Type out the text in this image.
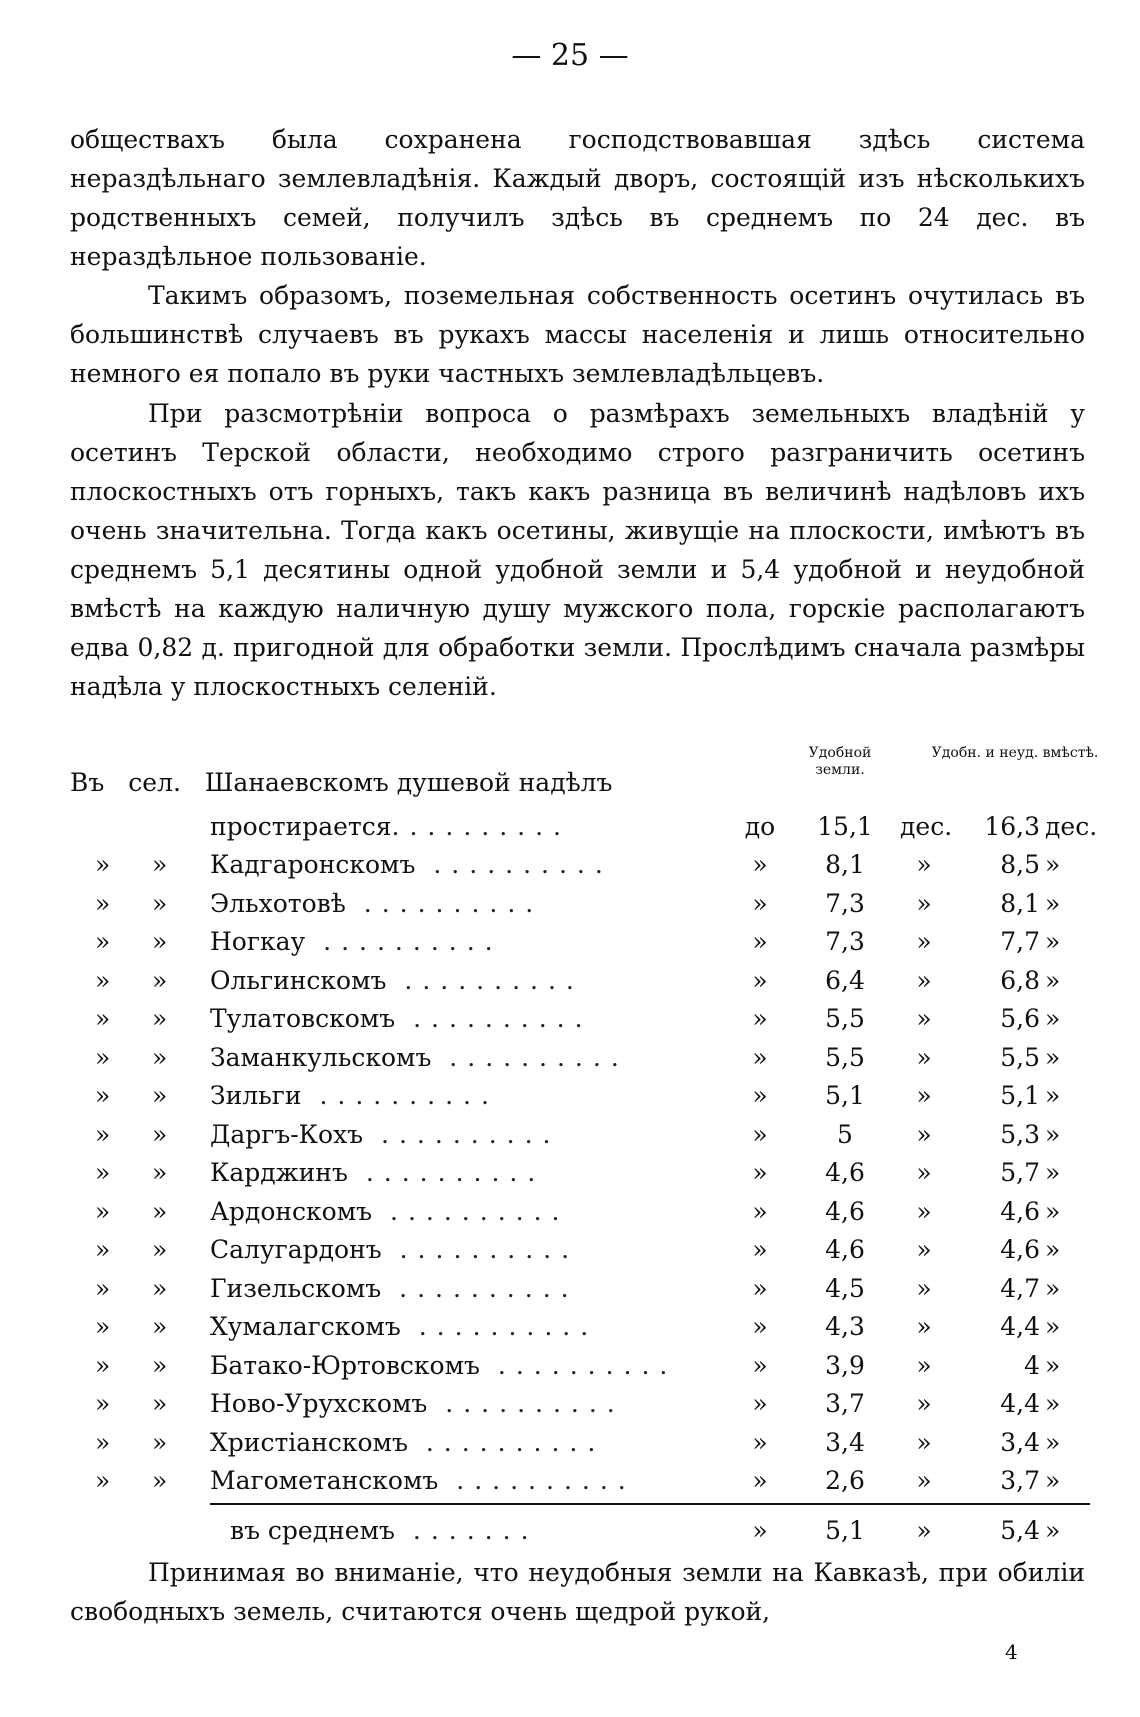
— 25 —

обществахъ была сохранена господствовавшая здѣсь система нераздѣльнаго землевладѣнія. Каждый дворъ, состоящій изъ нѣсколькихъ родственныхъ семей, получилъ здѣсь въ среднемъ по 24 дес. въ нераздѣльное пользованіе.

Такимъ образомъ, поземельная собственность осетинъ очутилась въ большинствѣ случаевъ въ рукахъ массы населенія и лишь относительно немного ея попало въ руки частныхъ землевладѣльцевъ.

При разсмотрѣніи вопроса о размѣрахъ земельныхъ владѣній у осетинъ Терской области, необходимо строго разграничить осетинъ плоскостныхъ отъ горныхъ, такъ какъ разница въ величинѣ надѣловъ ихъ очень значительна. Тогда какъ осетины, живущіе на плоскости, имѣютъ въ среднемъ 5,1 десятины одной удобной земли и 5,4 удобной и неудобной вмѣстѣ на каждую наличную душу мужского пола, горскіе располагаютъ едва 0,82 д. пригодной для обработки земли. Прослѣдимъ сначала размѣры надѣла у плоскостныхъ селеній.

Удобной земли.
Удобн. и неуд. вмѣстѣ.
Въ сел. Шанаевскомъ душевой надѣлъ
простирается..........	до	15,1	дес.	16,3 дес.
» » Кадгаронскомъ ..........	»	8,1	»	8,5 »
» » Эльхотовѣ ..........	»	7,3	»	8,1 »
» » Ногкау ..........	»	7,3	»	7,7 »
» » Ольгинскомъ ..........	»	6,4	»	6,8 »
» » Тулатовскомъ ..........	»	5,5	»	5,6 »
» » Заманкульскомъ ..........	»	5,5	»	5,5 »
» » Зильги ..........	»	5,1	»	5,1 »
» » Даргъ-Кохъ ..........	»	5	»	5,3 »
» » Карджинъ ..........	»	4,6	»	5,7 »
» » Ардонскомъ ..........	»	4,6	»	4,6 »
» » Салугардонъ ..........	»	4,6	»	4,6 »
» » Гизельскомъ ..........	»	4,5	»	4,7 »
» » Хумалагскомъ ..........	»	4,3	»	4,4 »
» » Батако-Юртовскомъ ..........	»	3,9	»	4 »
» » Ново-Урухскомъ ..........	»	3,7	»	4,4 »
» » Христіанскомъ ..........	»	3,4	»	3,4 »
» » Магометанскомъ ..........	»	2,6	»	3,7 »
въ среднемъ .......	»	5,1	»	5,4 »

Принимая во вниманіе, что неудобныя земли на Кавказѣ, при обиліи свободныхъ земель, считаются очень щедрой рукой,

4
